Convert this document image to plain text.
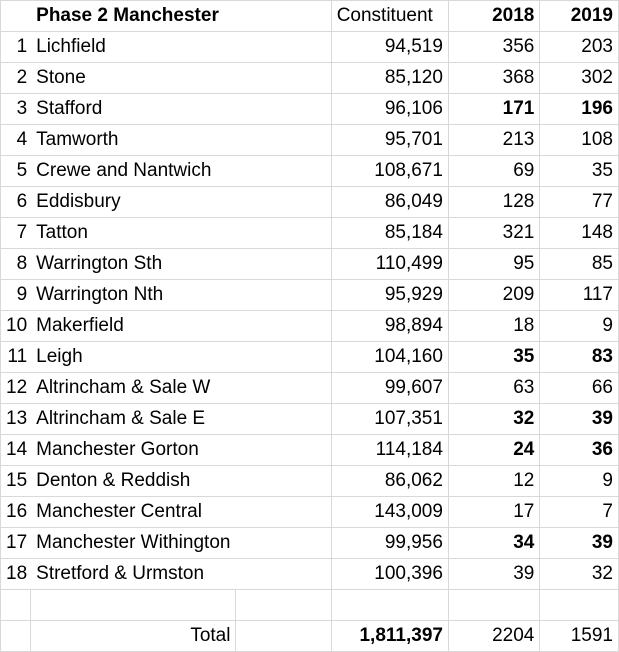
	Phase 2 Manchester		Constituent	2018	2019
1	Lichfield		94,519	356	203
2	Stone		85,120	368	302
3	Stafford		96,106	171	196
4	Tamworth		95,701	213	108
5	Crewe and Nantwich		108,671	69	35
6	Eddisbury		86,049	128	77
7	Tatton		85,184	321	148
8	Warrington Sth		110,499	95	85
9	Warrington Nth		95,929	209	117
10	Makerfield		98,894	18	9
11	Leigh		104,160	35	83
12	Altrincham & Sale W		99,607	63	66
13	Altrincham & Sale E		107,351	32	39
14	Manchester Gorton		114,184	24	36
15	Denton & Reddish		86,062	12	9
16	Manchester Central		143,009	17	7
17	Manchester Withington		99,956	34	39
18	Stretford & Urmston		100,396	39	32

	Total		1,811,397	2204	1591
